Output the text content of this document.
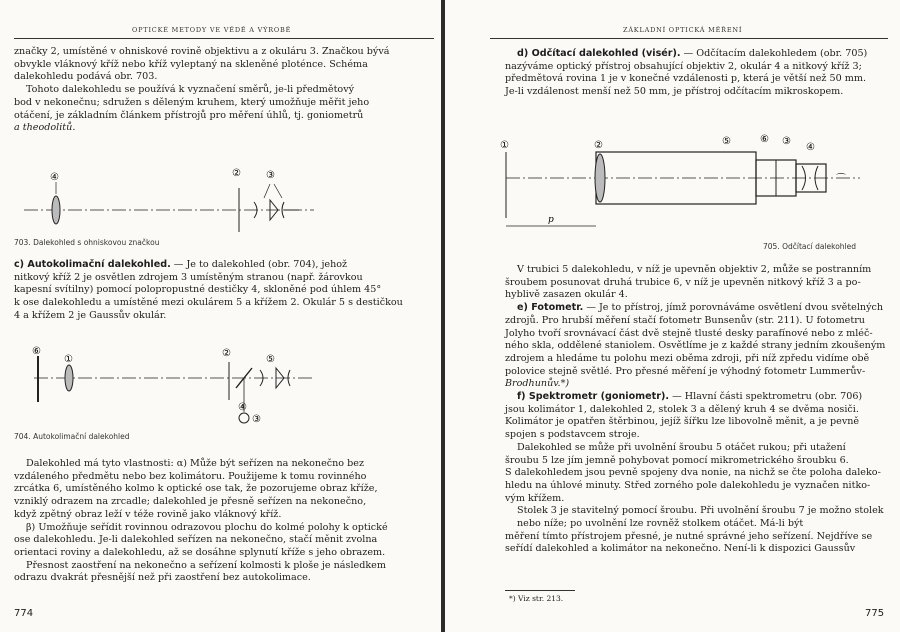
OPTICKÉ METODY VE VĚDĚ A VÝROBĚ

značky 2, umístěné v ohniskové rovině objektivu a z okuláru 3. Značkou bývá

obvykle vláknový kříž nebo kříž vyleptaný na skleněné ploténce. Schéma

dalekohledu podává obr. 703.

Tohoto dalekohledu se používá k vyznačení směrů, je-li předmětový

bod v nekonečnu; sdružen s děleným kruhem, který umožňuje měřit jeho

otáčení, je základním článkem přístrojů pro měření úhlů, tj. goniometrů

a theodolitů.

④	②	③
703. Dalekohled s ohniskovou značkou

c) Autokolimační dalekohled. — Je to dalekohled (obr. 704), jehož

nitkový kříž 2 je osvětlen zdrojem 3 umístěným stranou (např. žárovkou

kapesní svítilny) pomocí polopropustné destičky 4, skloněné pod úhlem 45°

k ose dalekohledu a umístěné mezi okulárem 5 a křížem 2. Okulár 5 s destičkou

4 a křížem 2 je Gaussův okulár.

⑥
①
②
⑤
④
③
704. Autokolimační dalekohled

Dalekohled má tyto vlastnosti: α) Může být seřízen na nekonečno bez

vzdáleného předmětu nebo bez kolimátoru. Použijeme k tomu rovinného

zrcátka 6, umístěného kolmo k optické ose tak, že pozorujeme obraz kříže,

vzniklý odrazem na zrcadle; dalekohled je přesně seřízen na nekonečno,

když zpětný obraz leží v téže rovině jako vláknový kříž.

β) Umožňuje seřídit rovinnou odrazovou plochu do kolmé polohy k optické

ose dalekohledu. Je-li dalekohled seřízen na nekonečno, stačí měnit zvolna

orientaci roviny a dalekohledu, až se dosáhne splynutí kříže s jeho obrazem.

Přesnost zaostření na nekonečno a seřízení kolmosti k ploše je následkem

odrazu dvakrát přesnější než při zaostření bez autokolimace.

774
ZÁKLADNÍ OPTICKÁ MĚŘENÍ

d) Odčítací dalekohled (visér). — Odčítacím dalekohledem (obr. 705)

nazýváme optický přístroj obsahující objektiv 2, okulár 4 a nitkový kříž 3;

předmětová rovina 1 je v konečné vzdálenosti p, která je větší než 50 mm.

Je-li vzdálenost menší než 50 mm, je přístroj odčítacím mikroskopem.

p
①	②	⑤	⑥ ③
④
⌒
705. Odčítací dalekohled

V trubici 5 dalekohledu, v níž je upevněn objektiv 2, může se postranním

šroubem posunovat druhá trubice 6, v níž je upevněn nitkový kříž 3 a po-

hyblivě zasazen okulár 4.

e) Fotometr. — Je to přístroj, jímž porovnáváme osvětlení dvou světelných

zdrojů. Pro hrubší měření stačí fotometr Bunsenův (str. 211). U fotometru

Jolyho tvoří srovnávací část dvě stejně tlusté desky parafínové nebo z mléč-

ného skla, oddělené staniolem. Osvětlíme je z každé strany jedním zkoušeným

zdrojem a hledáme tu polohu mezi oběma zdroji, při níž zpředu vidíme obě

polovice stejně světlé. Pro přesné měření je výhodný fotometr Lummerův-

Brodhunův.*)

f) Spektrometr (goniometr). — Hlavní části spektrometru (obr. 706)

jsou kolimátor 1, dalekohled 2, stolek 3 a dělený kruh 4 se dvěma nosiči.

Kolimátor je opatřen štěrbinou, jejíž šířku lze libovolně měnit, a je pevně

spojen s podstavcem stroje.

Dalekohled se může při uvolnění šroubu 5 otáčet rukou; při utažení

šroubu 5 lze jím jemně pohybovat pomocí mikrometrického šroubku 6.

S dalekohledem jsou pevně spojeny dva nonie, na nichž se čte poloha daleko-

hledu na úhlové minuty. Střed zorného pole dalekohledu je vyznačen nitko-

vým křížem.

Stolek 3 je stavitelný pomocí šroubu. Při uvolnění šroubu 7 je možno stolek

nebo níže; po uvolnění lze rovněž stolkem otáčet. Má-li být

měření tímto přístrojem přesné, je nutné správné jeho seřízení. Nejdříve se

seřídí dalekohled a kolimátor na nekonečno. Není-li k dispozici Gaussův

*) Viz str. 213.
775
